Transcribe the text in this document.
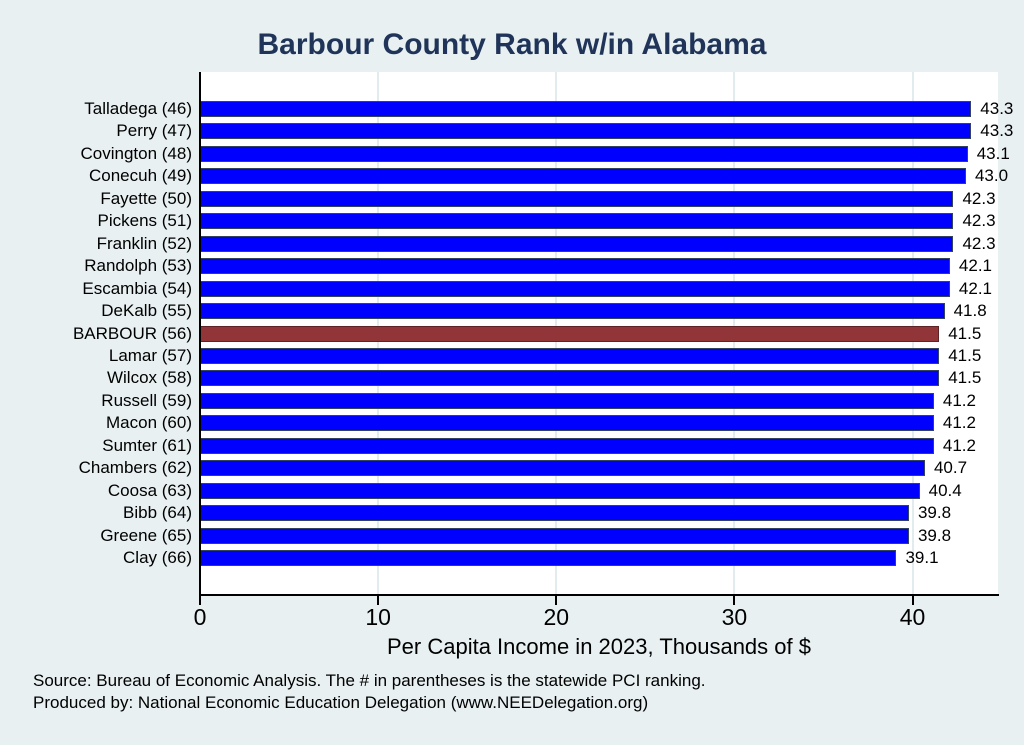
Barbour County Rank w/in Alabama
43.3
43.3
43.1
43.0
42.3
42.3
42.3
42.1
42.1
41.8
41.5
41.5
41.5
41.2
41.2
41.2
40.7
40.4
39.8
39.8
39.1
Talladega (46)
Perry (47)
Covington (48)
Conecuh (49)
Fayette (50)
Pickens (51)
Franklin (52)
Randolph (53)
Escambia (54)
DeKalb (55)
BARBOUR (56)
Lamar (57)
Wilcox (58)
Russell (59)
Macon (60)
Sumter (61)
Chambers (62)
Coosa (63)
Bibb (64)
Greene (65)
Clay (66)
0	10	20	30	40
Per Capita Income in 2023, Thousands of $
Source: Bureau of Economic Analysis. The # in parentheses is the statewide PCI ranking.
Produced by: National Economic Education Delegation (www.NEEDelegation.org)
